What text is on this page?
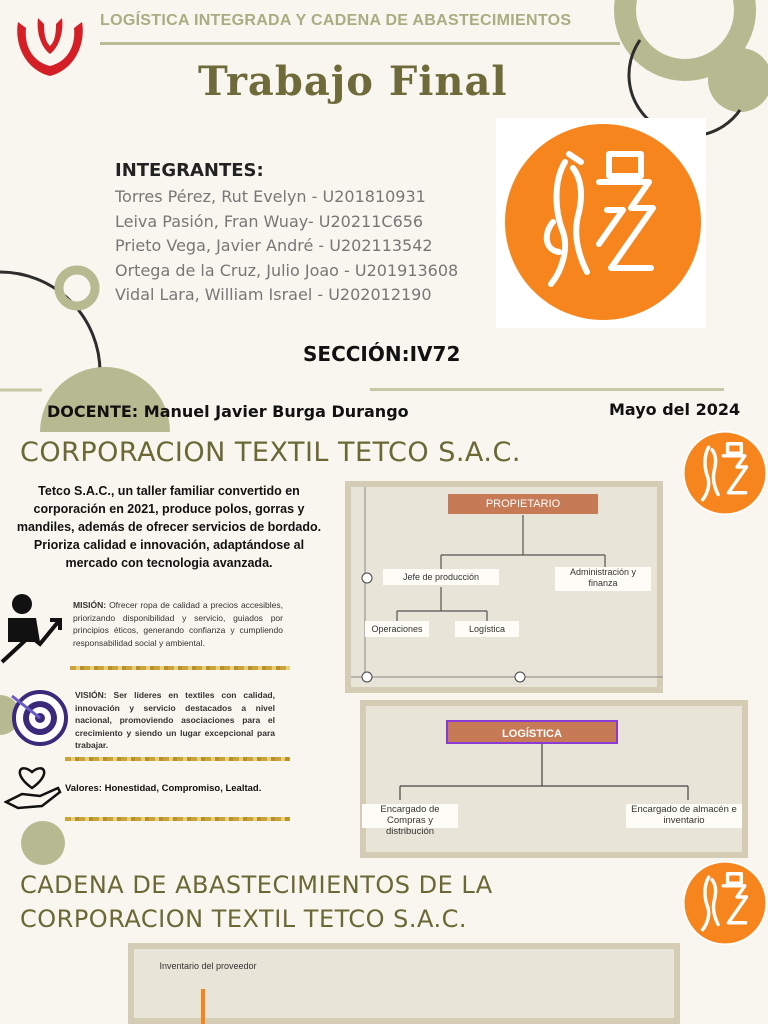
LOGÍSTICA INTEGRADA Y CADENA DE ABASTECIMIENTOS
Trabajo Final
INTEGRANTES:
Torres Pérez, Rut Evelyn - U201810931
Leiva Pasión, Fran Wuay- U20211C656
Prieto Vega, Javier André - U202113542
Ortega de la Cruz, Julio Joao - U201913608
Vidal Lara, William Israel - U202012190
SECCIÓN:IV72
DOCENTE: Manuel Javier Burga Durango	Mayo del 2024
CORPORACION TEXTIL TETCO S.A.C.
Tetco S.A.C., un taller familiar convertido en corporación en 2021, produce polos, gorras y mandiles, además de ofrecer servicios de bordado. Prioriza calidad e innovación, adaptándose al mercado con tecnologia avanzada.
MISIÓN: Ofrecer ropa de calidad a precios accesibles, priorizando disponibilidad y servicio, guiados por principios éticos, generando confianza y cumpliendo responsabilidad social y ambiental.
VISIÓN: Ser líderes en textiles con calidad, innovación y servicio destacados a nivel nacional, promoviendo asociaciones para el crecimiento y siendo un lugar excepcional para trabajar.
Valores: Honestidad, Compromiso, Lealtad.
PROPIETARIO
Jefe de producción	Administración y finanza
Operaciones	Logística
LOGÍSTICA
Encargado de Compras y distribución
Encargado de almacén e inventario
CADENA DE ABASTECIMIENTOS DE LA CORPORACION TEXTIL TETCO S.A.C.
Inventario del proveedor
